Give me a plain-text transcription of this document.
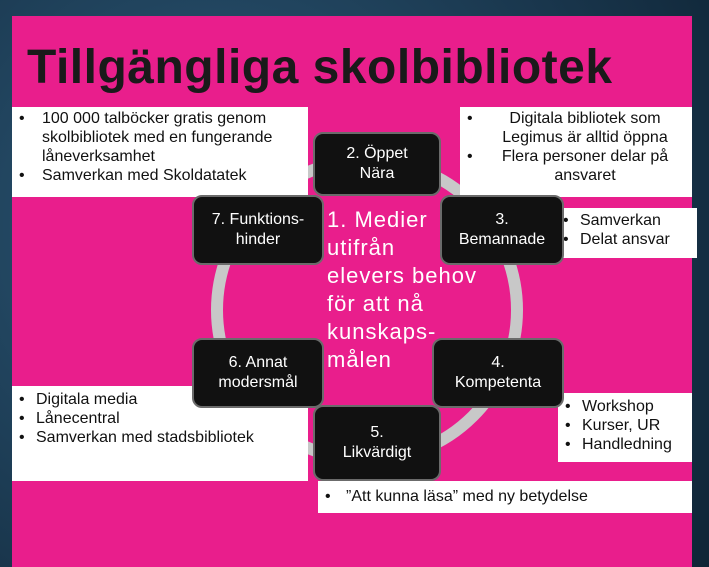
Tillgängliga skolbibliotek
• 100 000 talböcker gratis genom skolbibliotek med en fungerande låneverksamhet
• Samverkan med Skoldatatek
• Digitala bibliotek som Legimus är alltid öppna
• Flera personer delar på ansvaret
• Samverkan
• Delat ansvar
• Workshop
• Kurser, UR
• Handledning
• Digitala media
• Lånecentral
• Samverkan med stadsbibliotek
• ”Att kunna läsa” med ny betydelse
2. Öppet
Nära
3.
Bemannade
4.
Kompetenta
5.
Likvärdigt
6. Annat
modersmål
7. Funktions-
hinder
1. Medier
utifrån
elevers behov
för att nå
kunskaps-
målen
